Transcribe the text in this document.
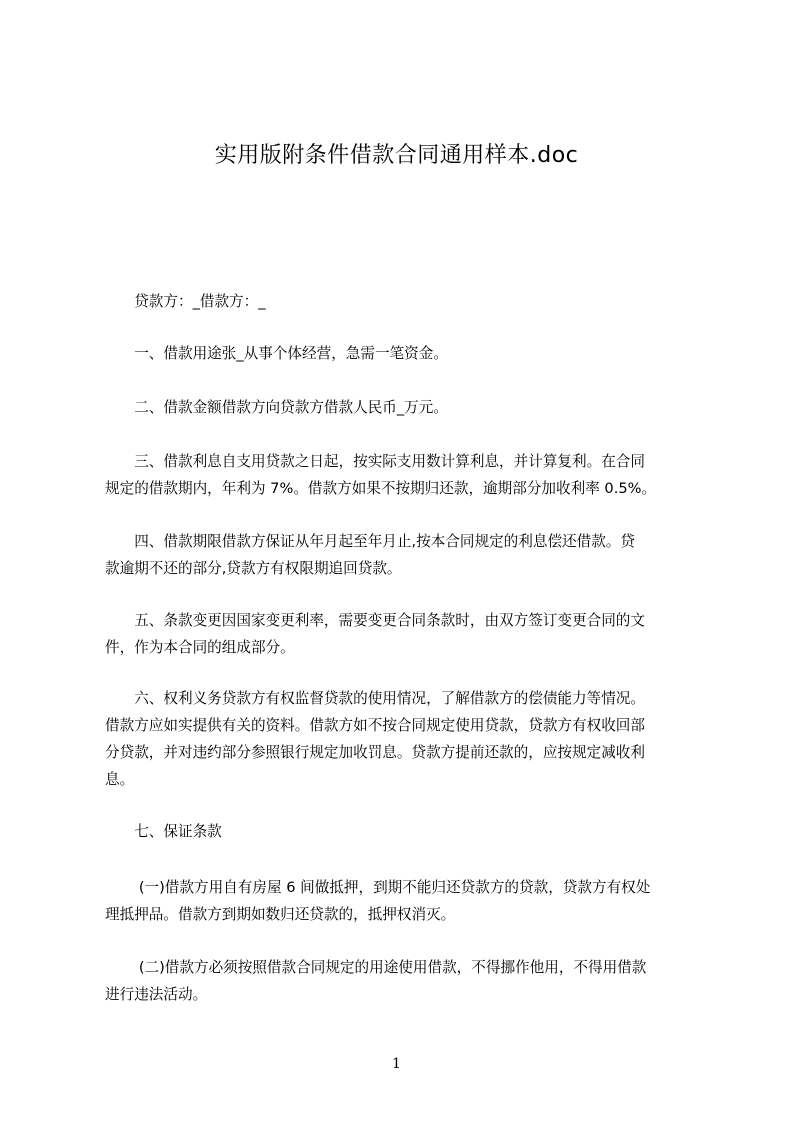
实用版附条件借款合同通用样本.doc

　　贷款方：_借款方：_

　　一、借款用途张_从事个体经营，急需一笔资金。

　　二、借款金额借款方向贷款方借款人民币_万元。

　　三、借款利息自支用贷款之日起，按实际支用数计算利息，并计算复利。在合同
规定的借款期内，年利为 7%。借款方如果不按期归还款，逾期部分加收利率 0.5%。

　　四、借款期限借款方保证从年月起至年月止,按本合同规定的利息偿还借款。贷
款逾期不还的部分,贷款方有权限期追回贷款。

　　五、条款变更因国家变更利率，需要变更合同条款时，由双方签订变更合同的文
件，作为本合同的组成部分。

　　六、权利义务贷款方有权监督贷款的使用情况，了解借款方的偿债能力等情况。
借款方应如实提供有关的资料。借款方如不按合同规定使用贷款，贷款方有权收回部
分贷款，并对违约部分参照银行规定加收罚息。贷款方提前还款的，应按规定减收利
息。

　　七、保证条款

　　 (一)借款方用自有房屋 6 间做抵押，到期不能归还贷款方的贷款，贷款方有权处
理抵押品。借款方到期如数归还贷款的，抵押权消灭。

　　 (二)借款方必须按照借款合同规定的用途使用借款，不得挪作他用，不得用借款
进行违法活动。

1
